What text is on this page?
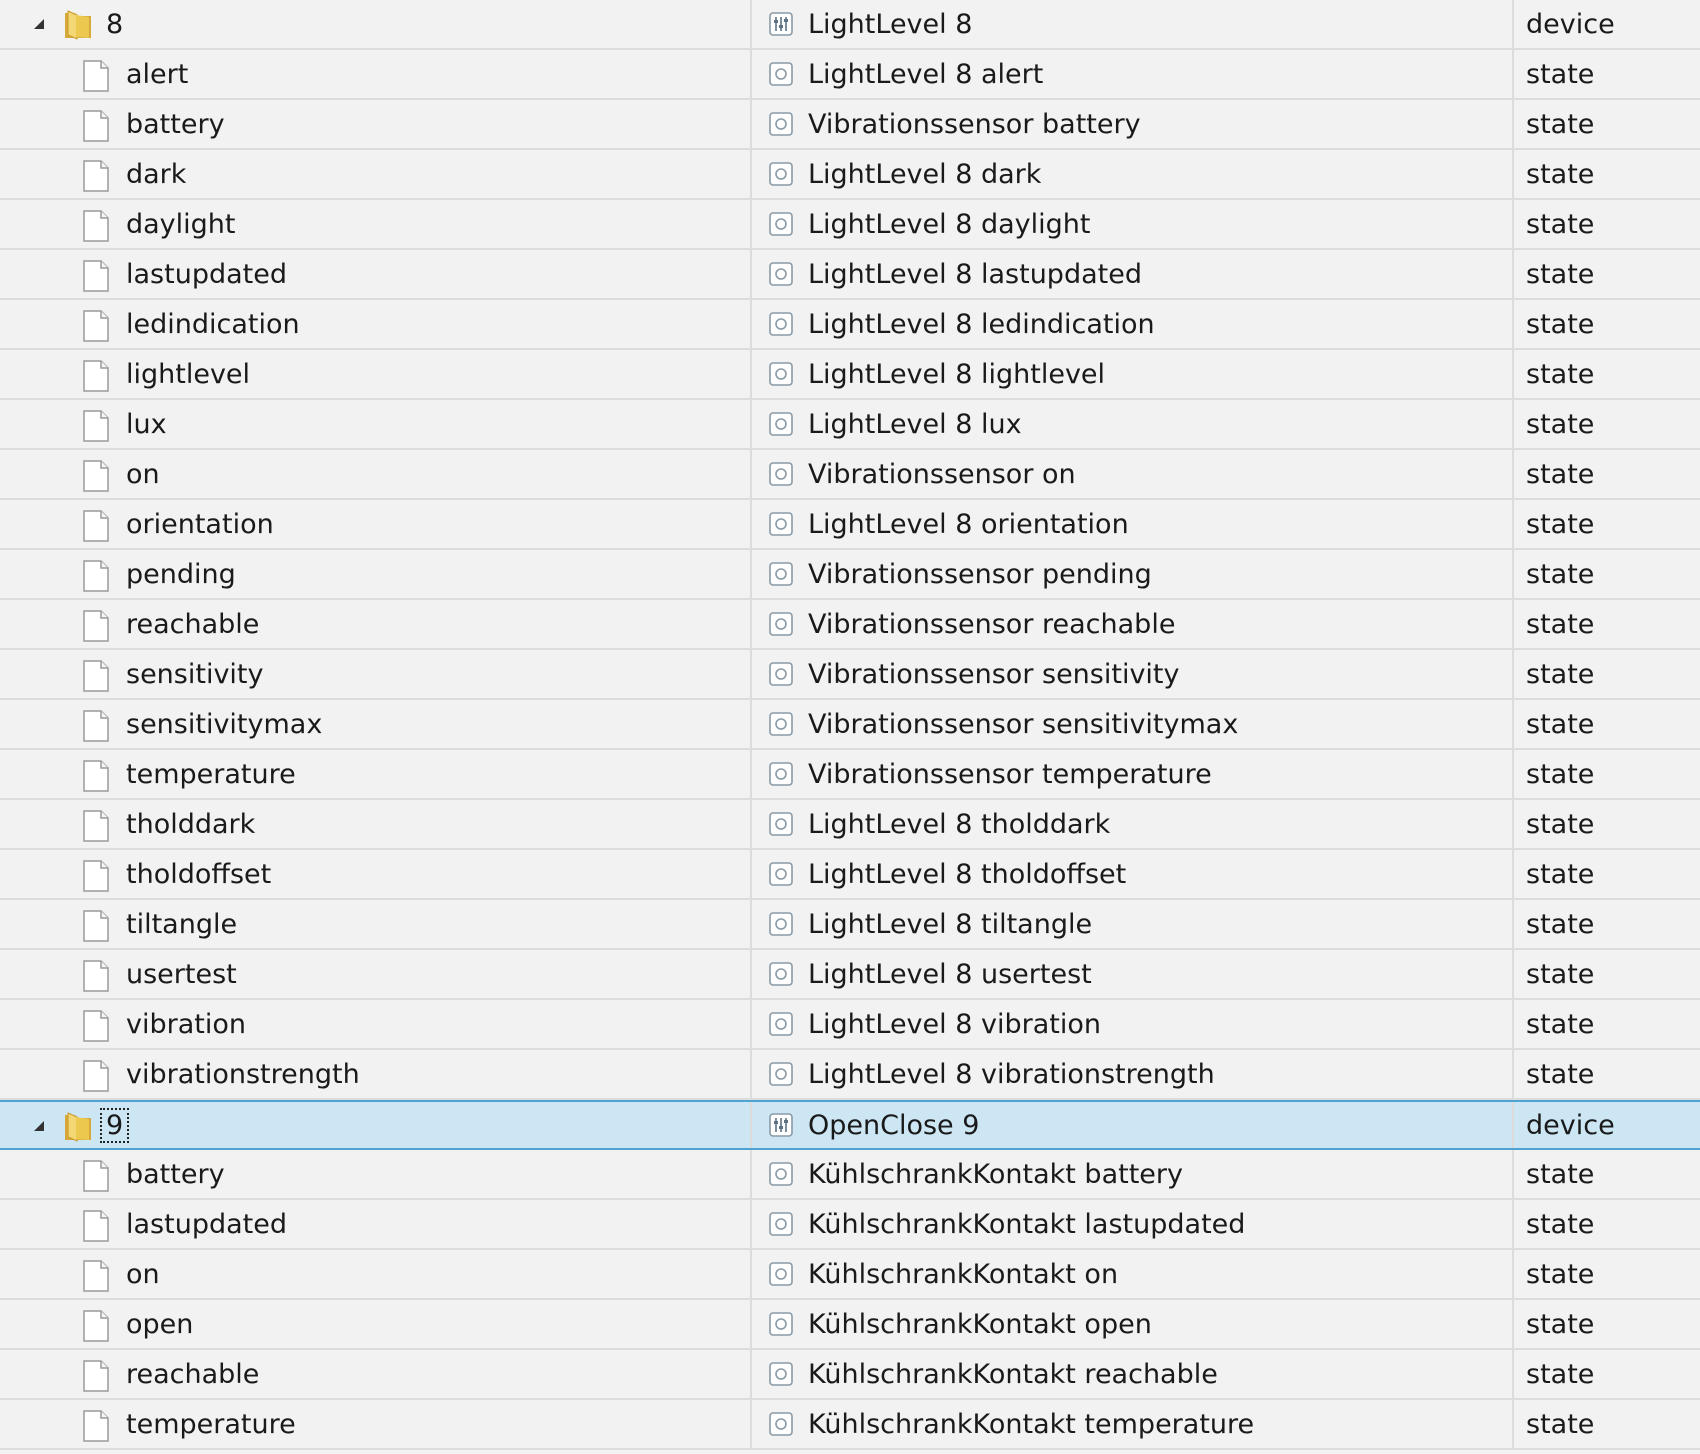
8	LightLevel 8	device
alert	LightLevel 8 alert	state
battery	Vibrationssensor battery	state
dark	LightLevel 8 dark	state
daylight	LightLevel 8 daylight	state
lastupdated	LightLevel 8 lastupdated	state
ledindication	LightLevel 8 ledindication	state
lightlevel	LightLevel 8 lightlevel	state
lux	LightLevel 8 lux	state
on	Vibrationssensor on	state
orientation	LightLevel 8 orientation	state
pending	Vibrationssensor pending	state
reachable	Vibrationssensor reachable	state
sensitivity	Vibrationssensor sensitivity	state
sensitivitymax	Vibrationssensor sensitivitymax	state
temperature	Vibrationssensor temperature	state
tholddark	LightLevel 8 tholddark	state
tholdoffset	LightLevel 8 tholdoffset	state
tiltangle	LightLevel 8 tiltangle	state
usertest	LightLevel 8 usertest	state
vibration	LightLevel 8 vibration	state
vibrationstrength	LightLevel 8 vibrationstrength	state
9	OpenClose 9	device
battery	KühlschrankKontakt battery	state
lastupdated	KühlschrankKontakt lastupdated	state
on	KühlschrankKontakt on	state
open	KühlschrankKontakt open	state
reachable	KühlschrankKontakt reachable	state
temperature	KühlschrankKontakt temperature	state
